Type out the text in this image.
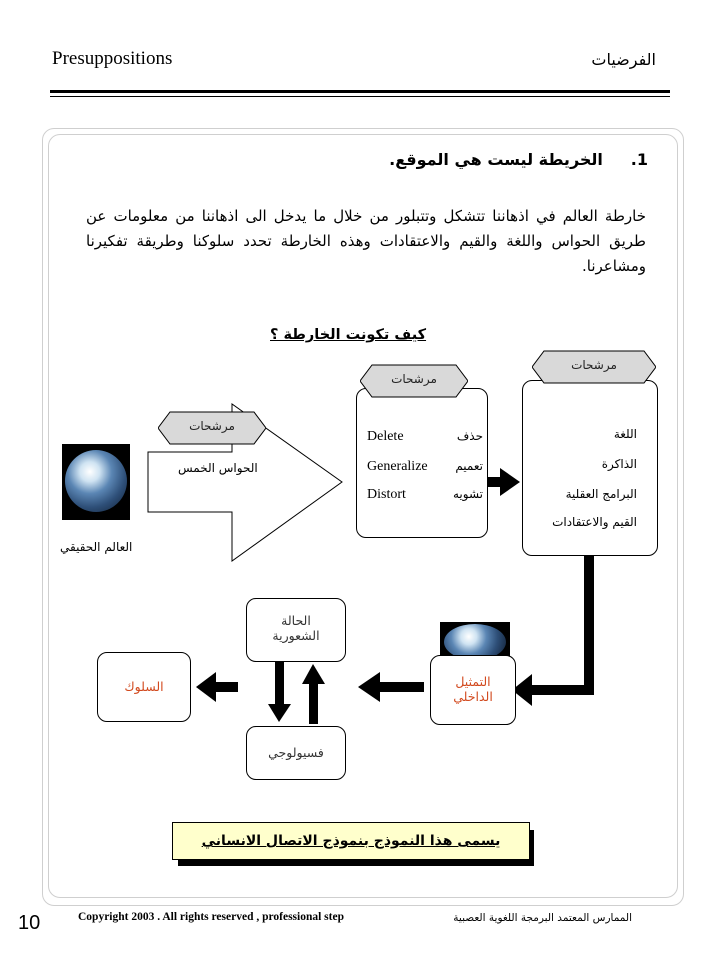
Presuppositions	الفرضيات
1.     الخريطة ليست هي الموقع.
خارطة العالم في اذهاننا تتشكل وتتبلور من خلال ما يدخل الى اذهاننا من معلومات عن طريق الحواس واللغة والقيم والاعتقادات وهذه الخارطة تحدد سلوكنا وطريقة تفكيرنا ومشاعرنا.
كيف تكونت الخارطة ؟
العالم الحقيقي
مرشحات
الحواس الخمس
Delete	حذف
Generalize تعميم
Distort	تشويه
مرشحات
اللغة
الذاكرة
البرامج العقلية
القيم والاعتقادات
مرشحات
التمثيل
الداخلي
الحالة
الشعورية
فسيولوجي
السلوك
يسمى هذا النموذج بنموذج الاتصال الانساني
10	Copyright 2003 . All rights reserved , professional step	الممارس المعتمد البرمجة اللغوية العصبية
